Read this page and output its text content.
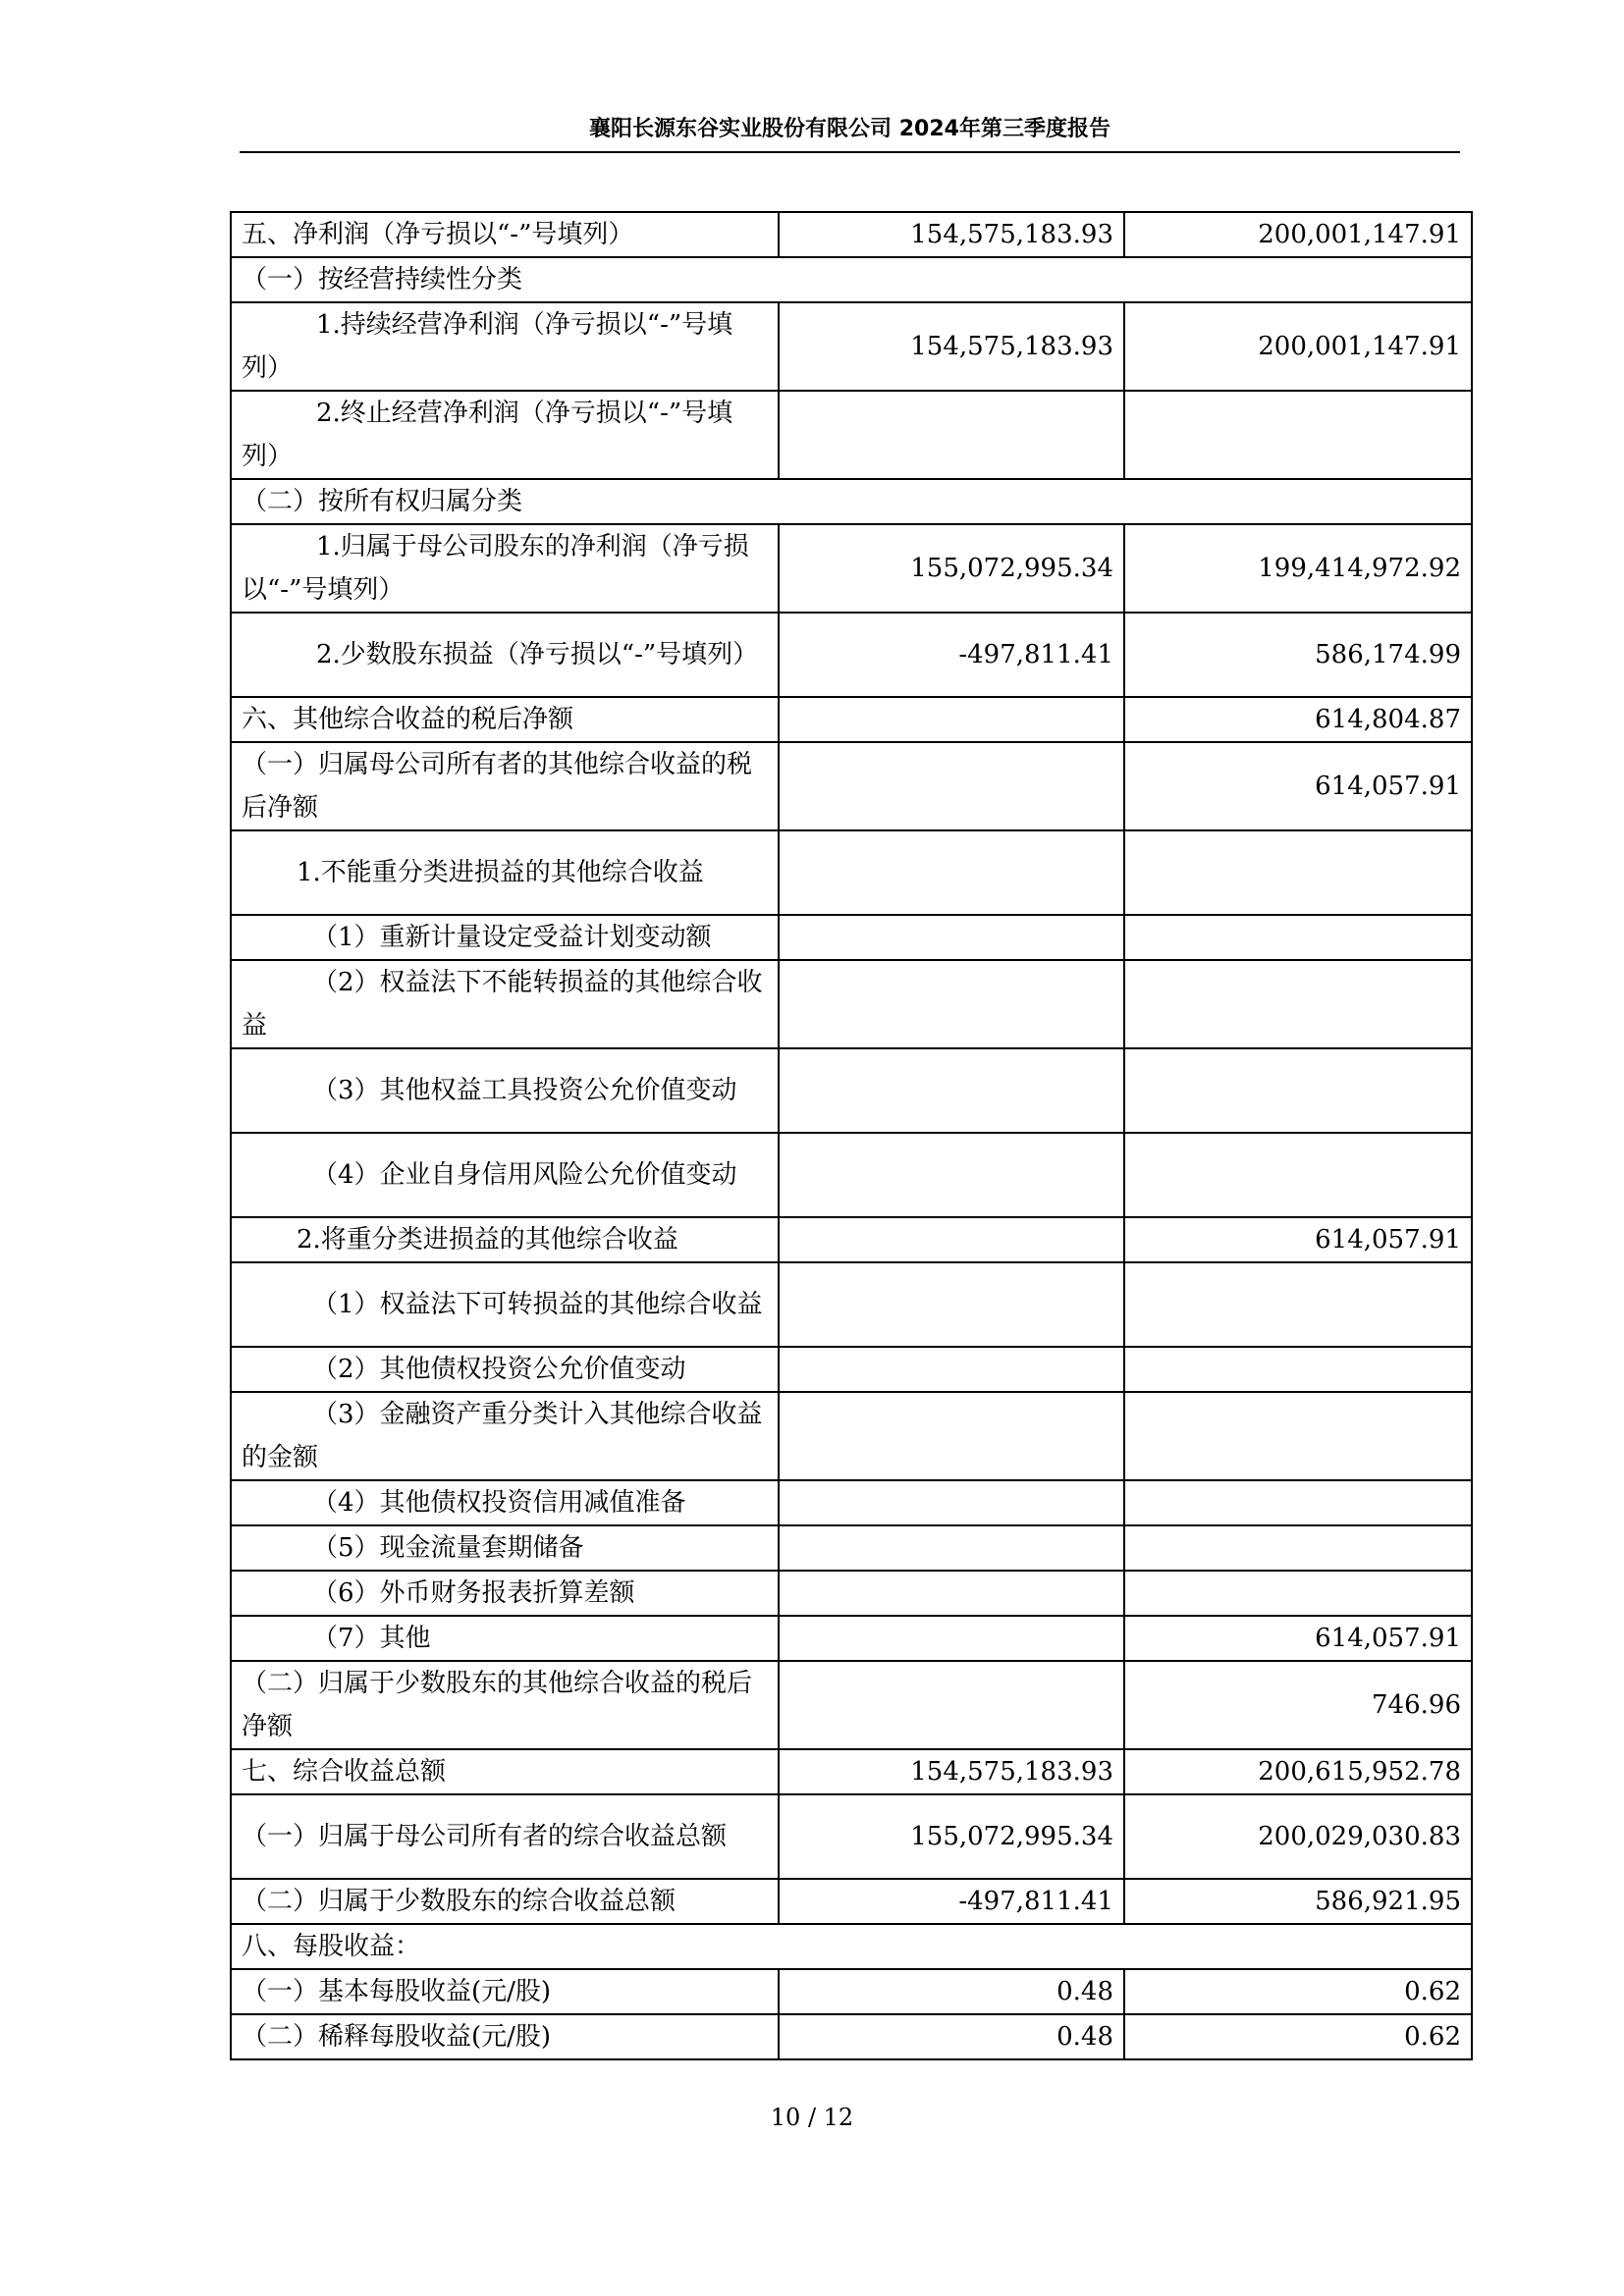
襄阳长源东谷实业股份有限公司 2024年第三季度报告
五、净利润（净亏损以“-”号填列）	154,575,183.93	200,001,147.91
（一）按经营持续性分类		
1.持续经营净利润（净亏损以“-”号填列）	154,575,183.93	200,001,147.91
2.终止经营净利润（净亏损以“-”号填列）		
（二）按所有权归属分类		
1.归属于母公司股东的净利润（净亏损以“-”号填列）	155,072,995.34	199,414,972.92
2.少数股东损益（净亏损以“-”号填列）	-497,811.41	586,174.99
六、其他综合收益的税后净额		614,804.87
（一）归属母公司所有者的其他综合收益的税后净额		614,057.91
1.不能重分类进损益的其他综合收益		
（1）重新计量设定受益计划变动额		
（2）权益法下不能转损益的其他综合收益		
（3）其他权益工具投资公允价值变动		
（4）企业自身信用风险公允价值变动		
2.将重分类进损益的其他综合收益		614,057.91
（1）权益法下可转损益的其他综合收益		
（2）其他债权投资公允价值变动		
（3）金融资产重分类计入其他综合收益的金额		
（4）其他债权投资信用减值准备		
（5）现金流量套期储备		
（6）外币财务报表折算差额		
（7）其他		614,057.91
（二）归属于少数股东的其他综合收益的税后净额		746.96
七、综合收益总额	154,575,183.93	200,615,952.78
（一）归属于母公司所有者的综合收益总额	155,072,995.34	200,029,030.83
（二）归属于少数股东的综合收益总额	-497,811.41	586,921.95
八、每股收益：		
（一）基本每股收益(元/股)	0.48	0.62
（二）稀释每股收益(元/股)	0.48	0.62
10 / 12
